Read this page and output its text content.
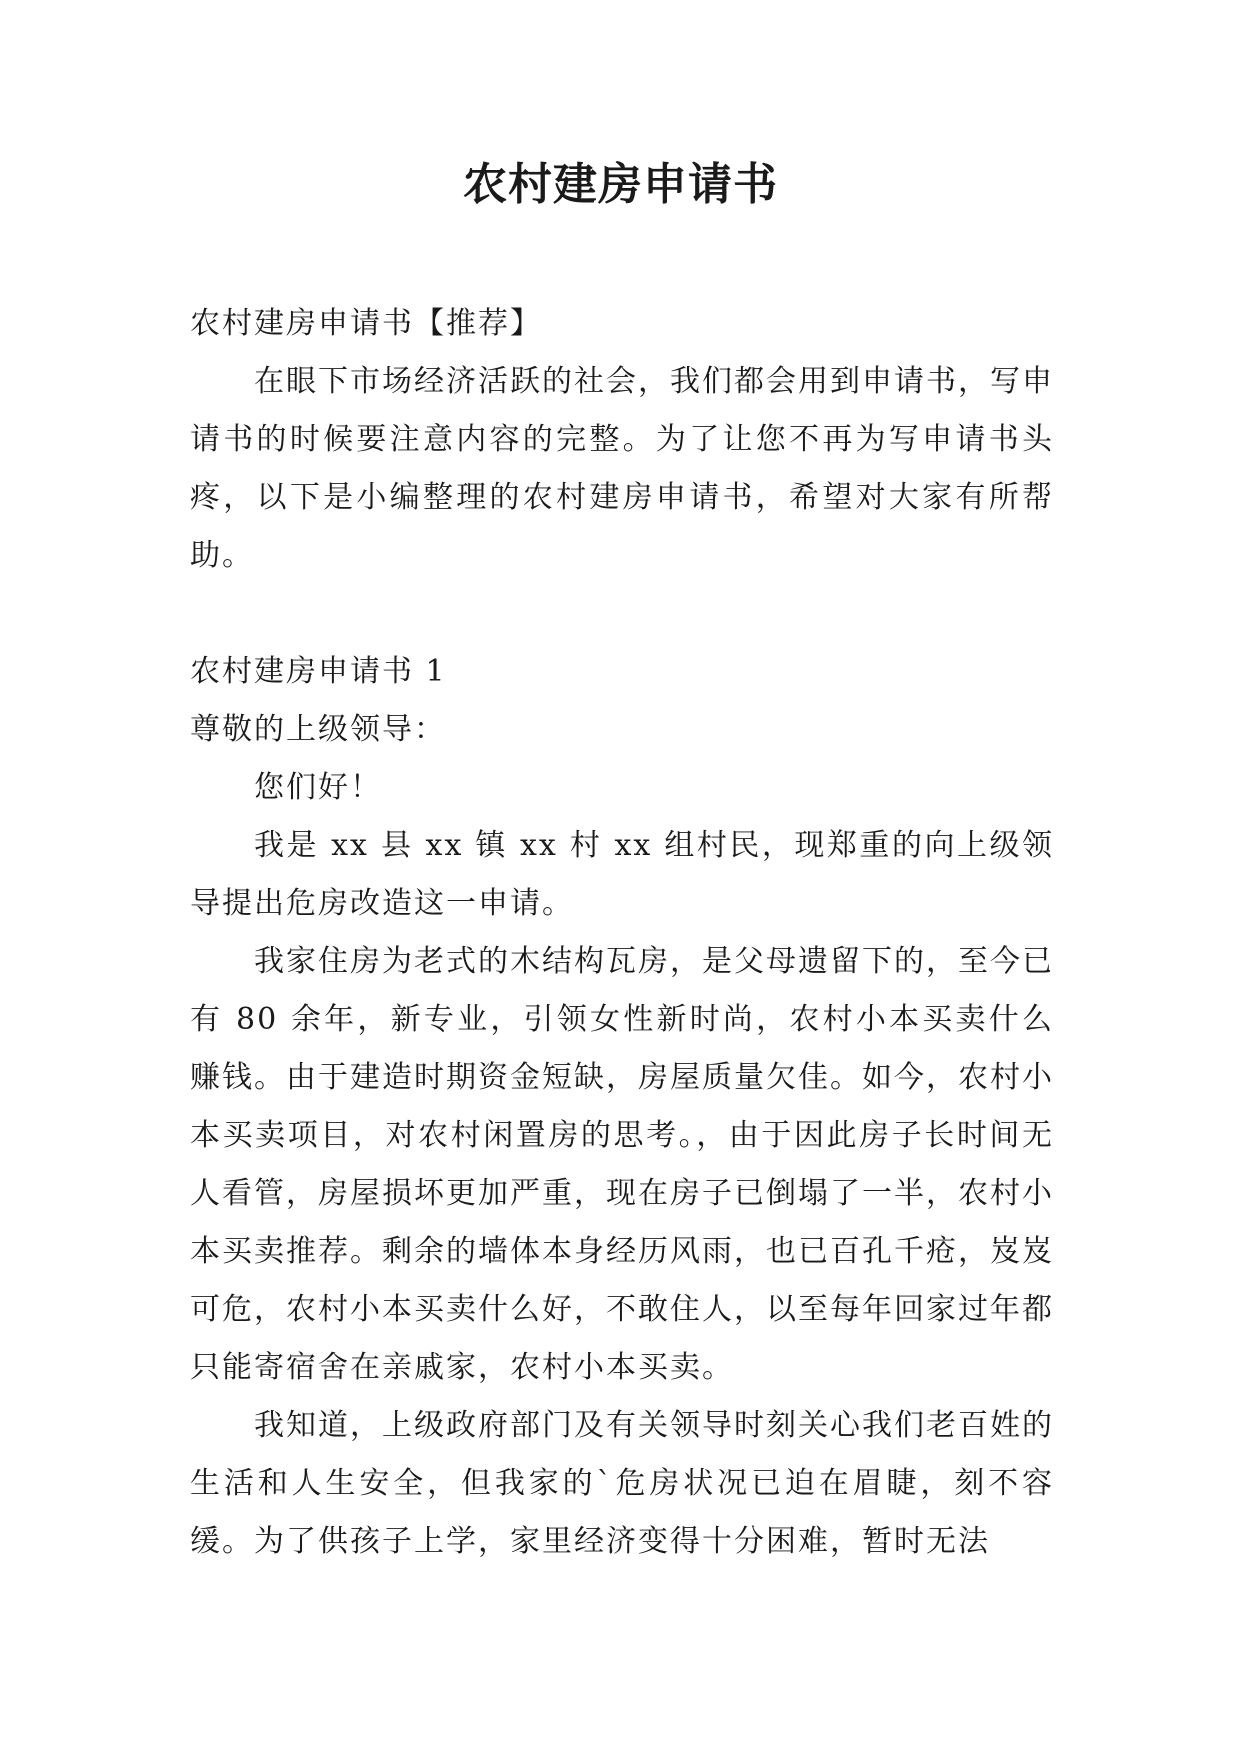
农村建房申请书

农村建房申请书【推荐】

在眼下市场经济活跃的社会，我们都会用到申请书，写申请书的时候要注意内容的完整。为了让您不再为写申请书头疼，以下是小编整理的农村建房申请书，希望对大家有所帮助。

农村建房申请书 1

尊敬的上级领导：

您们好！

我是 xx 县 xx 镇 xx 村 xx 组村民，现郑重的向上级领导提出危房改造这一申请。

我家住房为老式的木结构瓦房，是父母遗留下的，至今已有 80 余年，新专业，引领女性新时尚，农村小本买卖什么赚钱。由于建造时期资金短缺，房屋质量欠佳。如今，农村小本买卖项目，对农村闲置房的思考。，由于因此房子长时间无人看管，房屋损坏更加严重，现在房子已倒塌了一半，农村小本买卖推荐。剩余的墙体本身经历风雨，也已百孔千疮，岌岌可危，农村小本买卖什么好，不敢住人，以至每年回家过年都只能寄宿舍在亲戚家，农村小本买卖。

我知道，上级政府部门及有关领导时刻关心我们老百姓的生活和人生安全，但我家的`危房状况已迫在眉睫，刻不容缓。为了供孩子上学，家里经济变得十分困难，暂时无法
